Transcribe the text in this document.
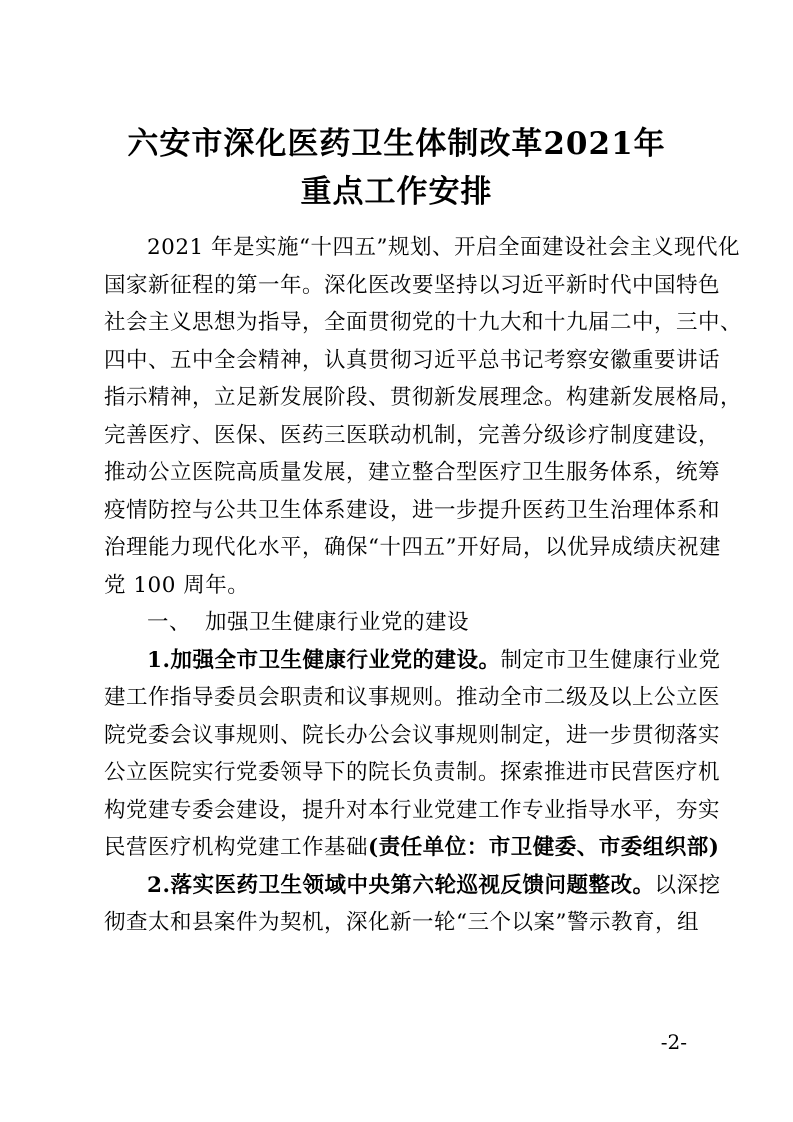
六安市深化医药卫生体制改革2021年
重点工作安排
2021 年是实施“十四五”规划、开启全面建设社会主义现代化
国家新征程的第一年。深化医改要坚持以习近平新时代中国特色
社会主义思想为指导，全面贯彻党的十九大和十九届二中，三中、
四中、五中全会精神，认真贯彻习近平总书记考察安徽重要讲话
指示精神，立足新发展阶段、贯彻新发展理念。构建新发展格局，
完善医疗、医保、医药三医联动机制，完善分级诊疗制度建设，
推动公立医院高质量发展，建立整合型医疗卫生服务体系，统筹
疫情防控与公共卫生体系建设，进一步提升医药卫生治理体系和
治理能力现代化水平，确保“十四五”开好局，以优异成绩庆祝建
党 100 周年。
一、 加强卫生健康行业党的建设
1.加强全市卫生健康行业党的建设。制定市卫生健康行业党
建工作指导委员会职责和议事规则。推动全市二级及以上公立医
院党委会议事规则、院长办公会议事规则制定，进一步贯彻落实
公立医院实行党委领导下的院长负责制。探索推进市民营医疗机
构党建专委会建设，提升对本行业党建工作专业指导水平，夯实
民营医疗机构党建工作基础(责任单位：市卫健委、市委组织部)
2.落实医药卫生领域中央第六轮巡视反馈问题整改。以深挖
彻查太和县案件为契机，深化新一轮“三个以案”警示教育，组
-2-
